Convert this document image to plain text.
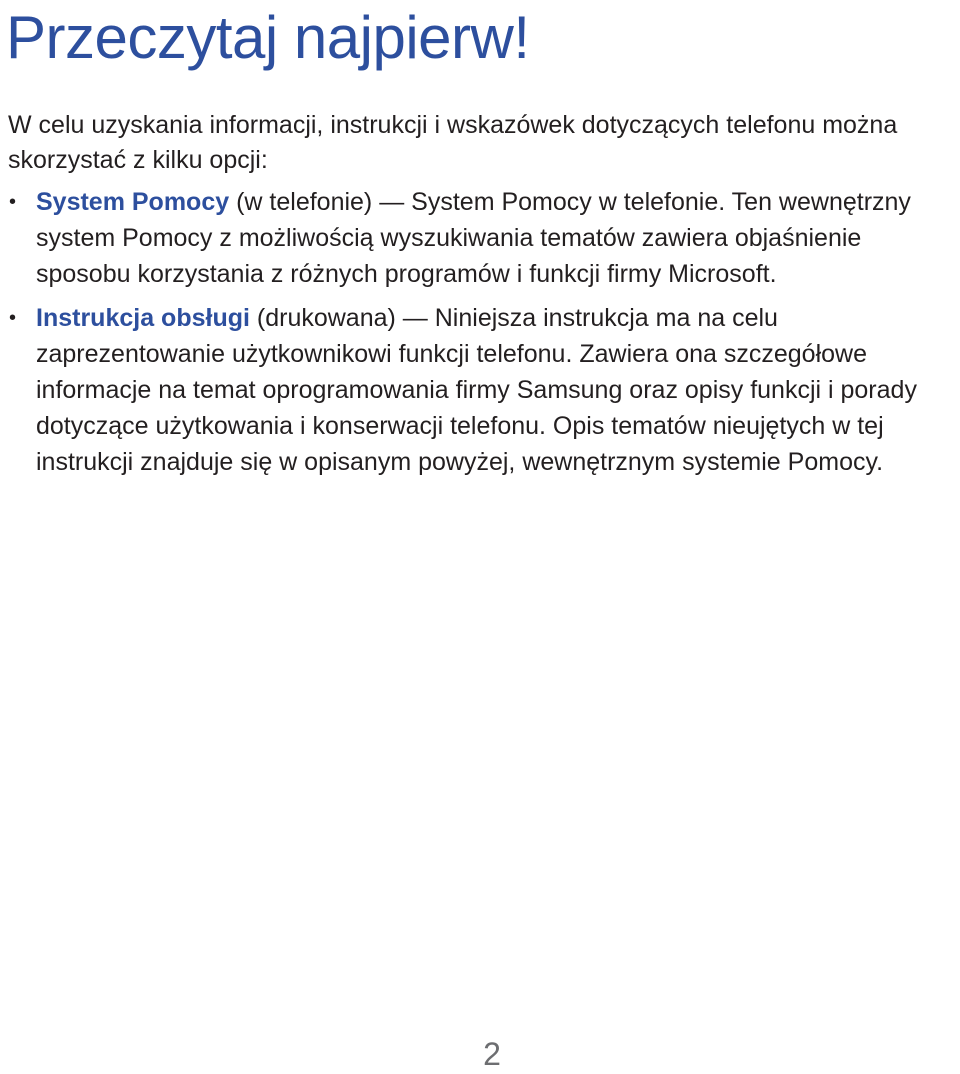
Przeczytaj najpierw!

W celu uzyskania informacji, instrukcji i wskazówek dotyczących telefonu można skorzystać z kilku opcji:

• System Pomocy (w telefonie) — System Pomocy w telefonie. Ten wewnętrzny system Pomocy z możliwością wyszukiwania tematów zawiera objaśnienie sposobu korzystania z różnych programów i funkcji firmy Microsoft.
• Instrukcja obsługi (drukowana) — Niniejsza instrukcja ma na celu zaprezentowanie użytkownikowi funkcji telefonu. Zawiera ona szczegółowe informacje na temat oprogramowania firmy Samsung oraz opisy funkcji i porady dotyczące użytkowania i konserwacji telefonu. Opis tematów nieujętych w tej instrukcji znajduje się w opisanym powyżej, wewnętrznym systemie Pomocy.
2
